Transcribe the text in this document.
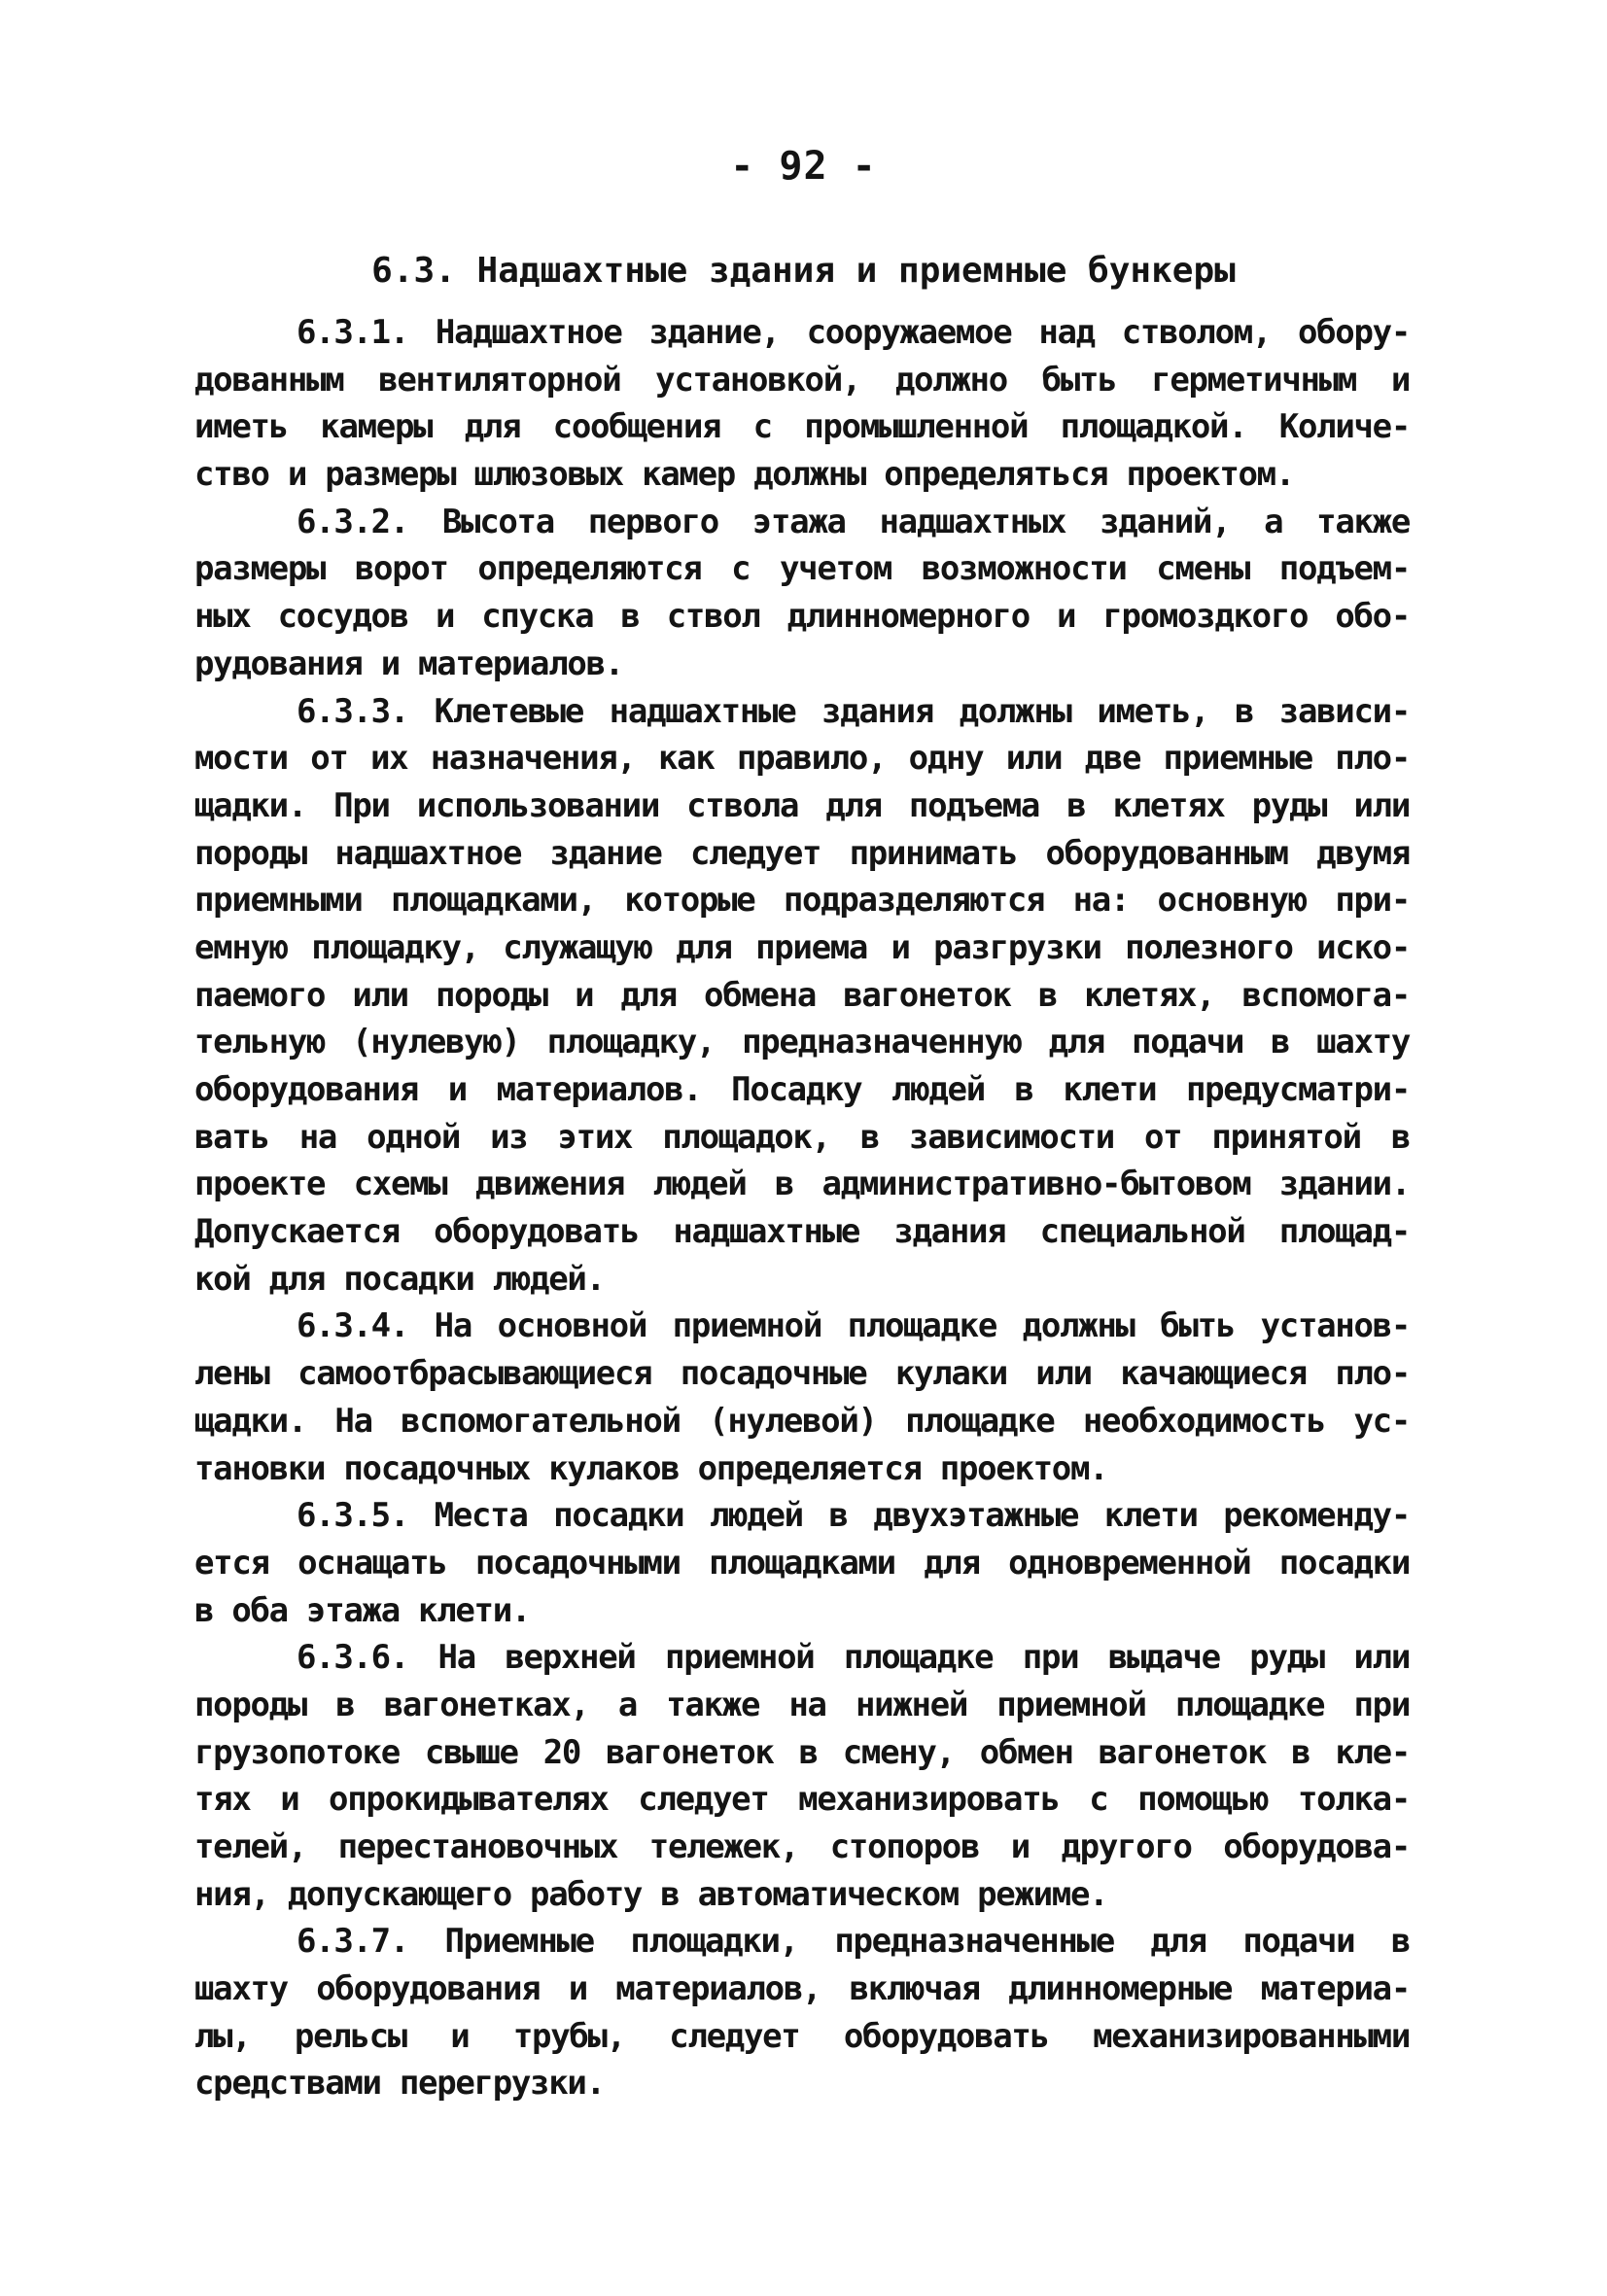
- 92 -
6.3. Надшахтные здания и приемные бункеры
6.3.1. Надшахтное здание, сооружаемое над стволом, обору-
дованным вентиляторной установкой, должно быть герметичным и
иметь камеры для сообщения с промышленной площадкой. Количе-
ство и размеры шлюзовых камер должны определяться проектом.
6.3.2. Высота первого этажа надшахтных зданий, а также
размеры ворот определяются с учетом возможности смены подъем-
ных сосудов и спуска в ствол длинномерного и громоздкого обо-
рудования и материалов.
6.3.3. Клетевые надшахтные здания должны иметь, в зависи-
мости от их назначения, как правило, одну или две приемные пло-
щадки. При использовании ствола для подъема в клетях руды или
породы надшахтное здание следует принимать оборудованным двумя
приемными площадками, которые подразделяются на: основную при-
емную площадку, служащую для приема и разгрузки полезного иско-
паемого или породы и для обмена вагонеток в клетях, вспомога-
тельную (нулевую) площадку, предназначенную для подачи в шахту
оборудования и материалов. Посадку людей в клети предусматри-
вать на одной из этих площадок, в зависимости от принятой в
проекте схемы движения людей в административно-бытовом здании.
Допускается оборудовать надшахтные здания специальной площад-
кой для посадки людей.
6.3.4. На основной приемной площадке должны быть установ-
лены самоотбрасывающиеся посадочные кулаки или качающиеся пло-
щадки. На вспомогательной (нулевой) площадке необходимость ус-
тановки посадочных кулаков определяется проектом.
6.3.5. Места посадки людей в двухэтажные клети рекоменду-
ется оснащать посадочными площадками для одновременной посадки
в оба этажа клети.
6.3.6. На верхней приемной площадке при выдаче руды или
породы в вагонетках, а также на нижней приемной площадке при
грузопотоке свыше 20 вагонеток в смену, обмен вагонеток в кле-
тях и опрокидывателях следует механизировать с помощью толка-
телей, перестановочных тележек, стопоров и другого оборудова-
ния, допускающего работу в автоматическом режиме.
6.3.7. Приемные площадки, предназначенные для подачи в
шахту оборудования и материалов, включая длинномерные материа-
лы, рельсы и трубы, следует оборудовать механизированными
средствами перегрузки.
